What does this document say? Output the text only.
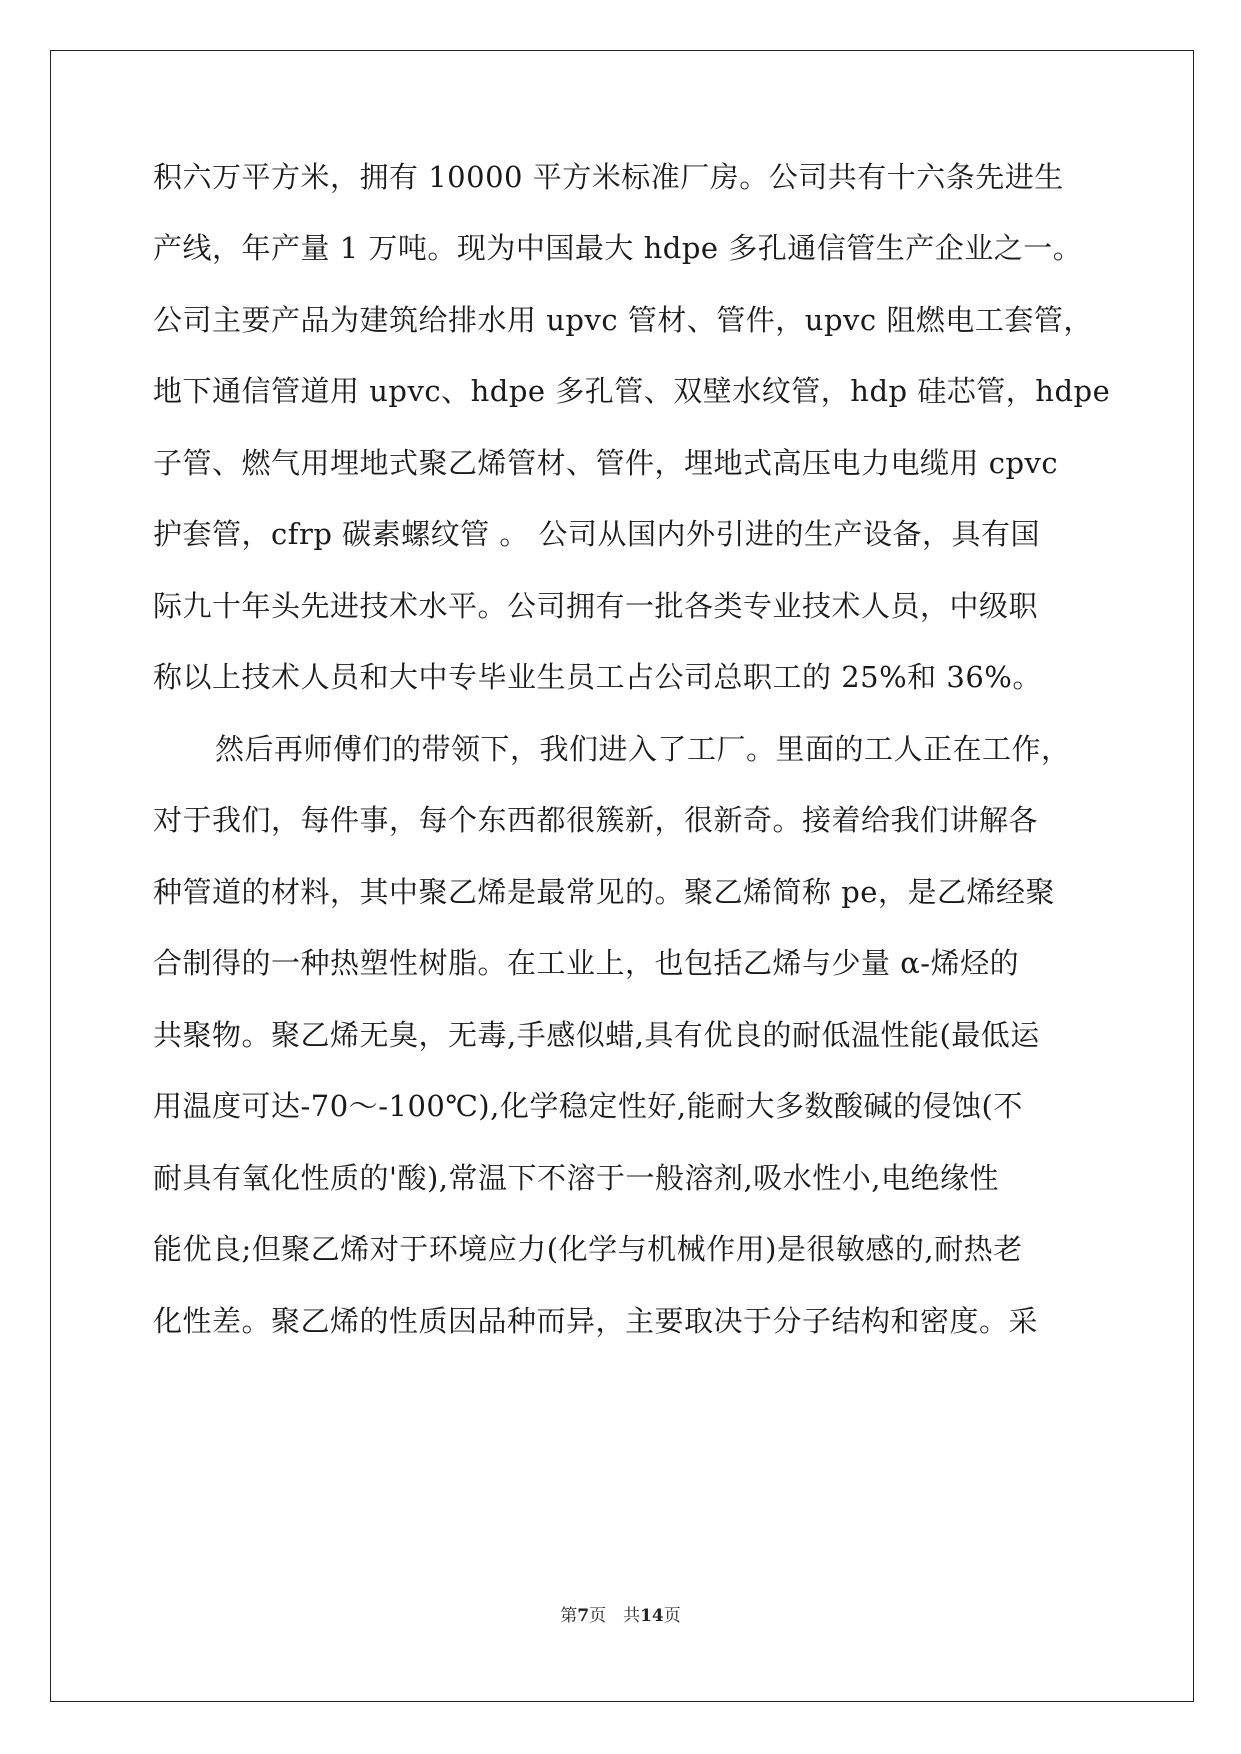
积六万平方米，拥有 10000 平方米标准厂房。公司共有十六条先进生
产线，年产量 1 万吨。现为中国最大 hdpe 多孔通信管生产企业之一。
公司主要产品为建筑给排水用 upvc 管材、管件，upvc 阻燃电工套管，
地下通信管道用 upvc、hdpe 多孔管、双壁水纹管，hdp 硅芯管，hdpe
子管、燃气用埋地式聚乙烯管材、管件，埋地式高压电力电缆用 cpvc
护套管，cfrp 碳素螺纹管 。 公司从国内外引进的生产设备，具有国
际九十年头先进技术水平。公司拥有一批各类专业技术人员，中级职
称以上技术人员和大中专毕业生员工占公司总职工的 25%和 36%。
然后再师傅们的带领下，我们进入了工厂。里面的工人正在工作，
对于我们，每件事，每个东西都很簇新，很新奇。接着给我们讲解各
种管道的材料，其中聚乙烯是最常见的。聚乙烯简称 pe，是乙烯经聚
合制得的一种热塑性树脂。在工业上，也包括乙烯与少量 α-烯烃的
共聚物。聚乙烯无臭，无毒,手感似蜡,具有优良的耐低温性能(最低运
用温度可达-70～-100℃),化学稳定性好,能耐大多数酸碱的侵蚀(不
耐具有氧化性质的'酸),常温下不溶于一般溶剂,吸水性小,电绝缘性
能优良;但聚乙烯对于环境应力(化学与机械作用)是很敏感的,耐热老
化性差。聚乙烯的性质因品种而异，主要取决于分子结构和密度。采
第7页　共14页
